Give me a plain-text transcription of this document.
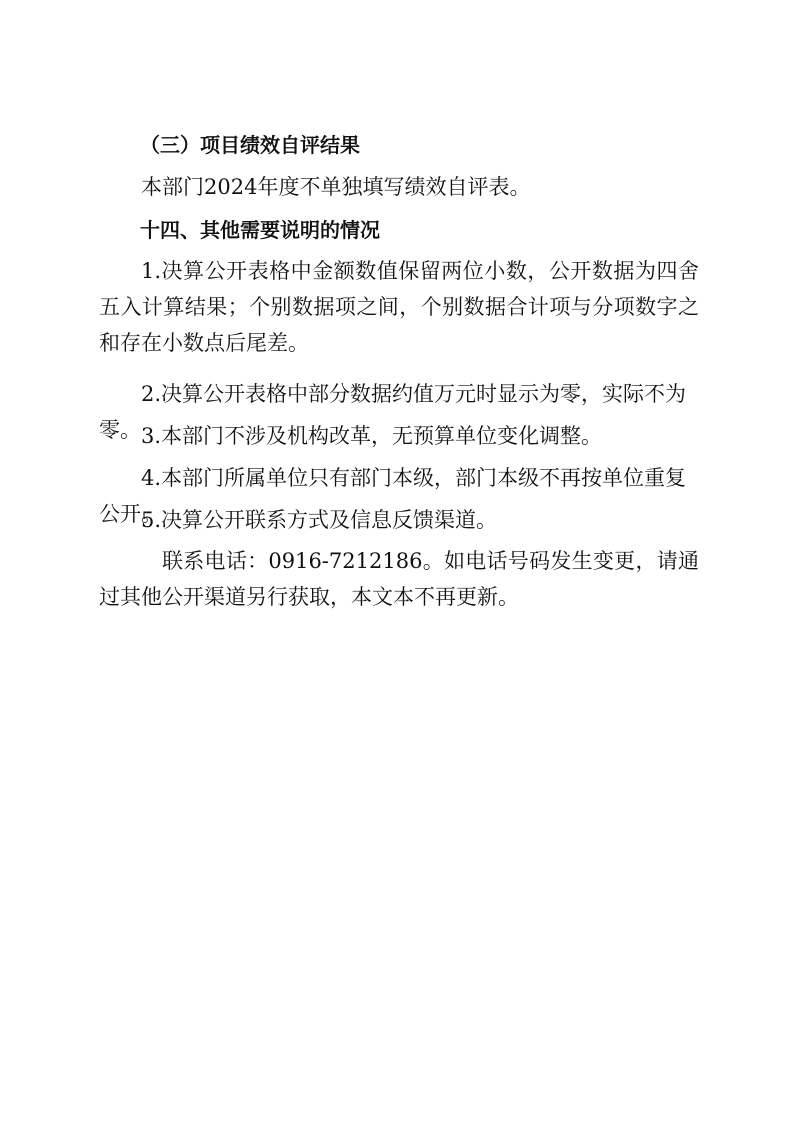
（三）项目绩效自评结果

本部门2024年度不单独填写绩效自评表。

十四、其他需要说明的情况

1.决算公开表格中金额数值保留两位小数，公开数据为四舍五入计算结果；个别数据项之间，个别数据合计项与分项数字之和存在小数点后尾差。

2.决算公开表格中部分数据约值万元时显示为零，实际不为零。 3.本部门不涉及机构改革，无预算单位变化调整。

4.本部门所属单位只有部门本级，部门本级不再按单位重复公开。

5.决算公开联系方式及信息反馈渠道。

联系电话：0916-7212186。如电话号码发生变更，请通过其他公开渠道另行获取，本文本不再更新。
